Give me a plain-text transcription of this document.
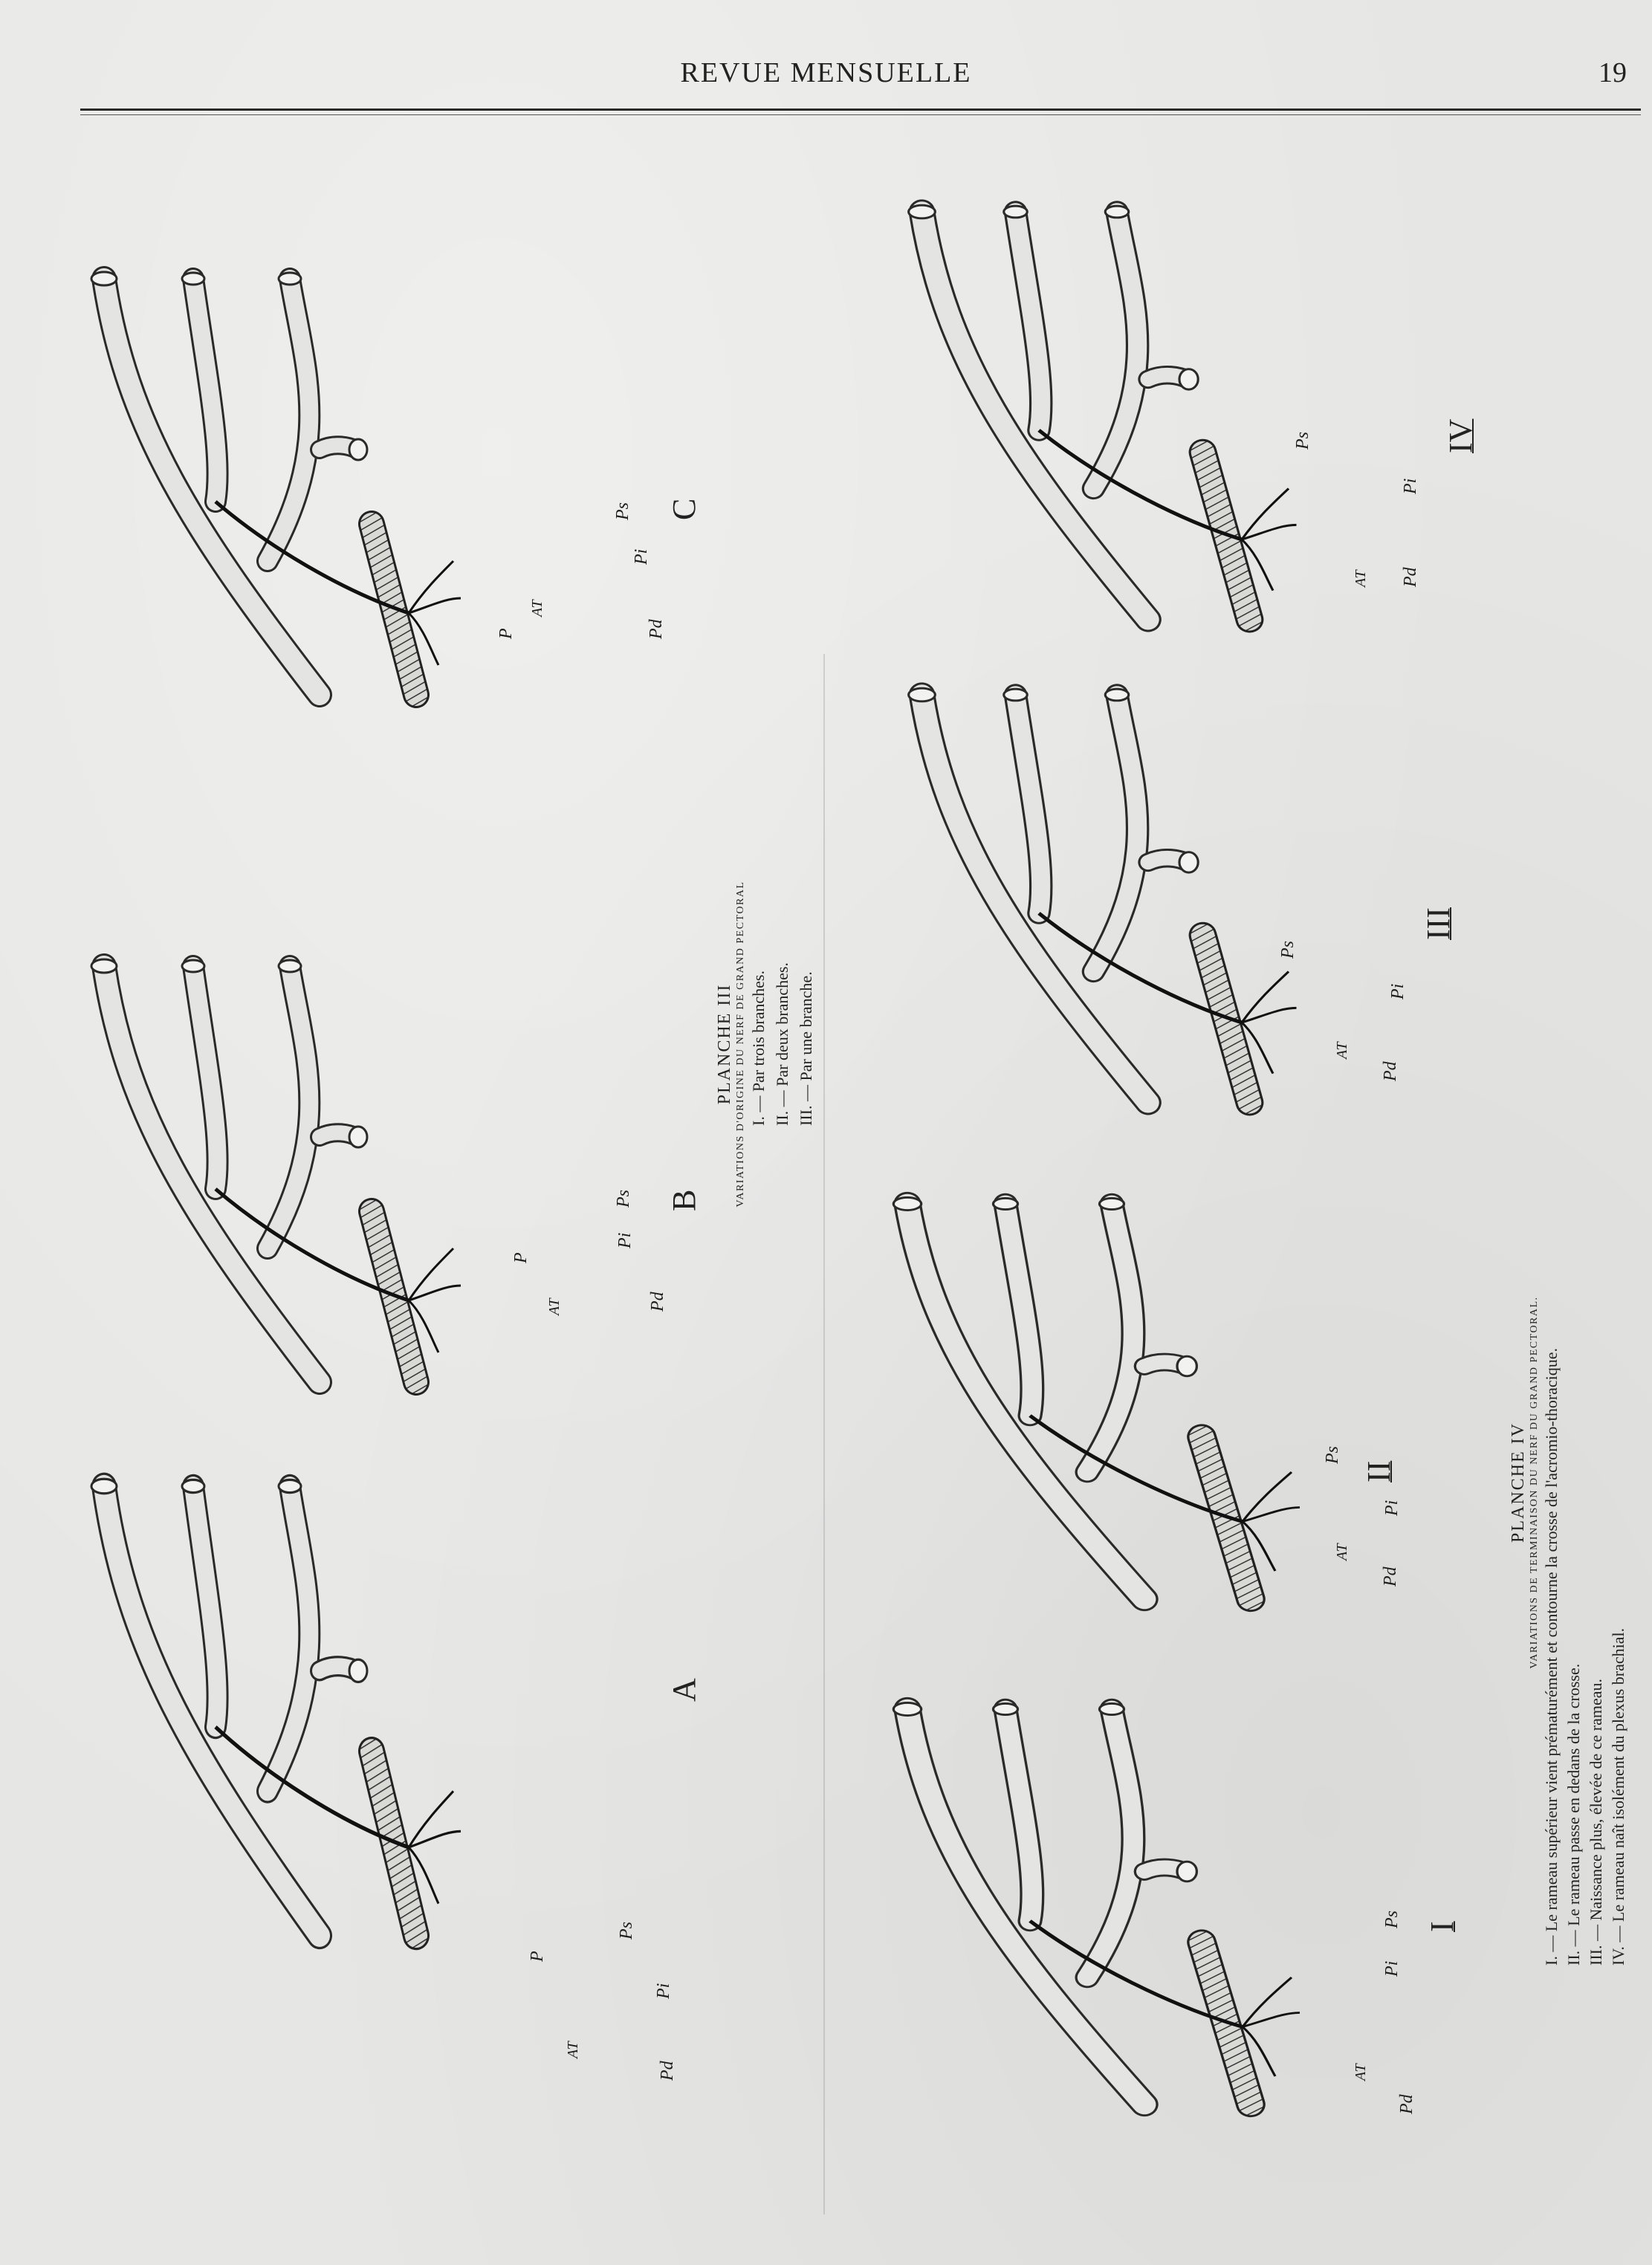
REVUE MENSUELLE	19
PLANCHE III VARIATIONS D'ORIGINE DU NERF DE GRAND PECTORAL I. — Par trois branches. II. — Par deux branches. III. — Par une branche.
PLANCHE IV VARIATIONS DE TERMINAISON DU NERF DU GRAND PECTORAL. I. — Le rameau supérieur vient prématurément et contourne la crosse de l'acromio-thoracique. II. — Le rameau passe en dedans de la crosse. III. — Naissance plus, élevée de ce rameau. IV. — Le rameau naît isolément du plexus brachial.
C
B
A
IV
III
II
I
P
AT
Ps
Pi
Pd
P
AT
Ps
Pi
Pd
P
AT
Ps
Pi
Pd
Ps
Pi
AT Pd
Ps
Pi
AT
Pd
Ps
Pi
AT
Pd
Ps
Pi
AT
Pd
